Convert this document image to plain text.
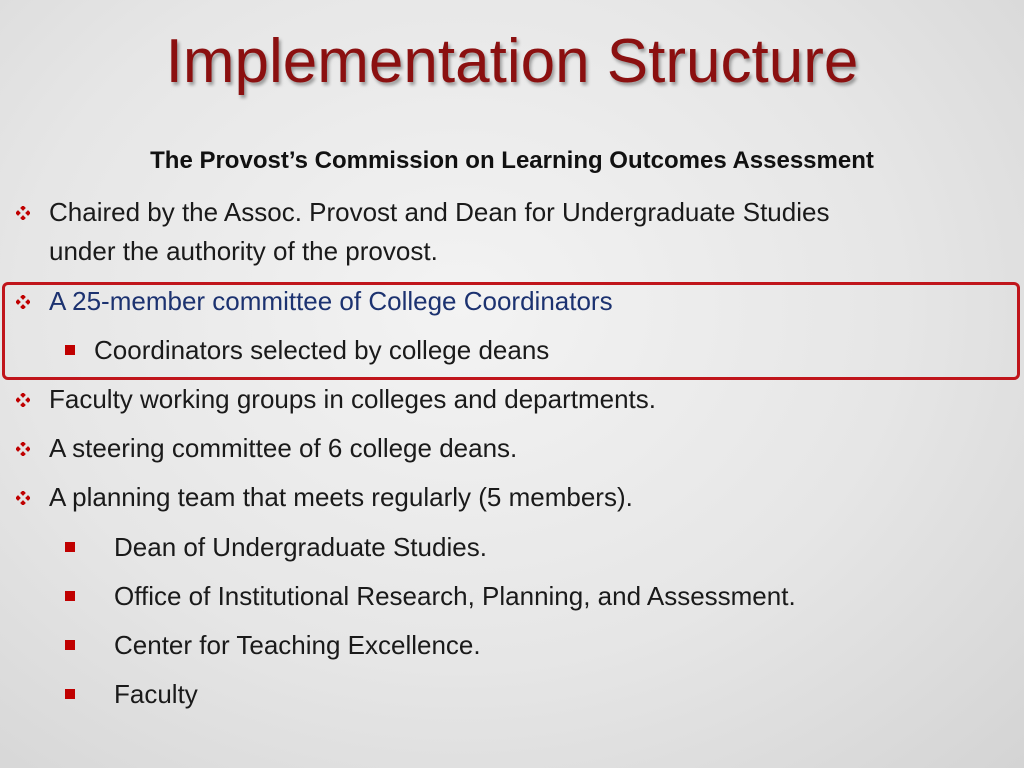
Implementation Structure
The Provost’s Commission on Learning Outcomes Assessment
Chaired by the Assoc. Provost and Dean for Undergraduate Studies
under the authority of the provost.
A 25-member committee of College Coordinators
Coordinators selected by college deans
Faculty working groups in colleges and departments.
A steering committee of 6 college deans.
A planning team that meets regularly (5 members).
Dean of Undergraduate Studies.
Office of Institutional Research, Planning, and Assessment.
Center for Teaching Excellence.
Faculty
